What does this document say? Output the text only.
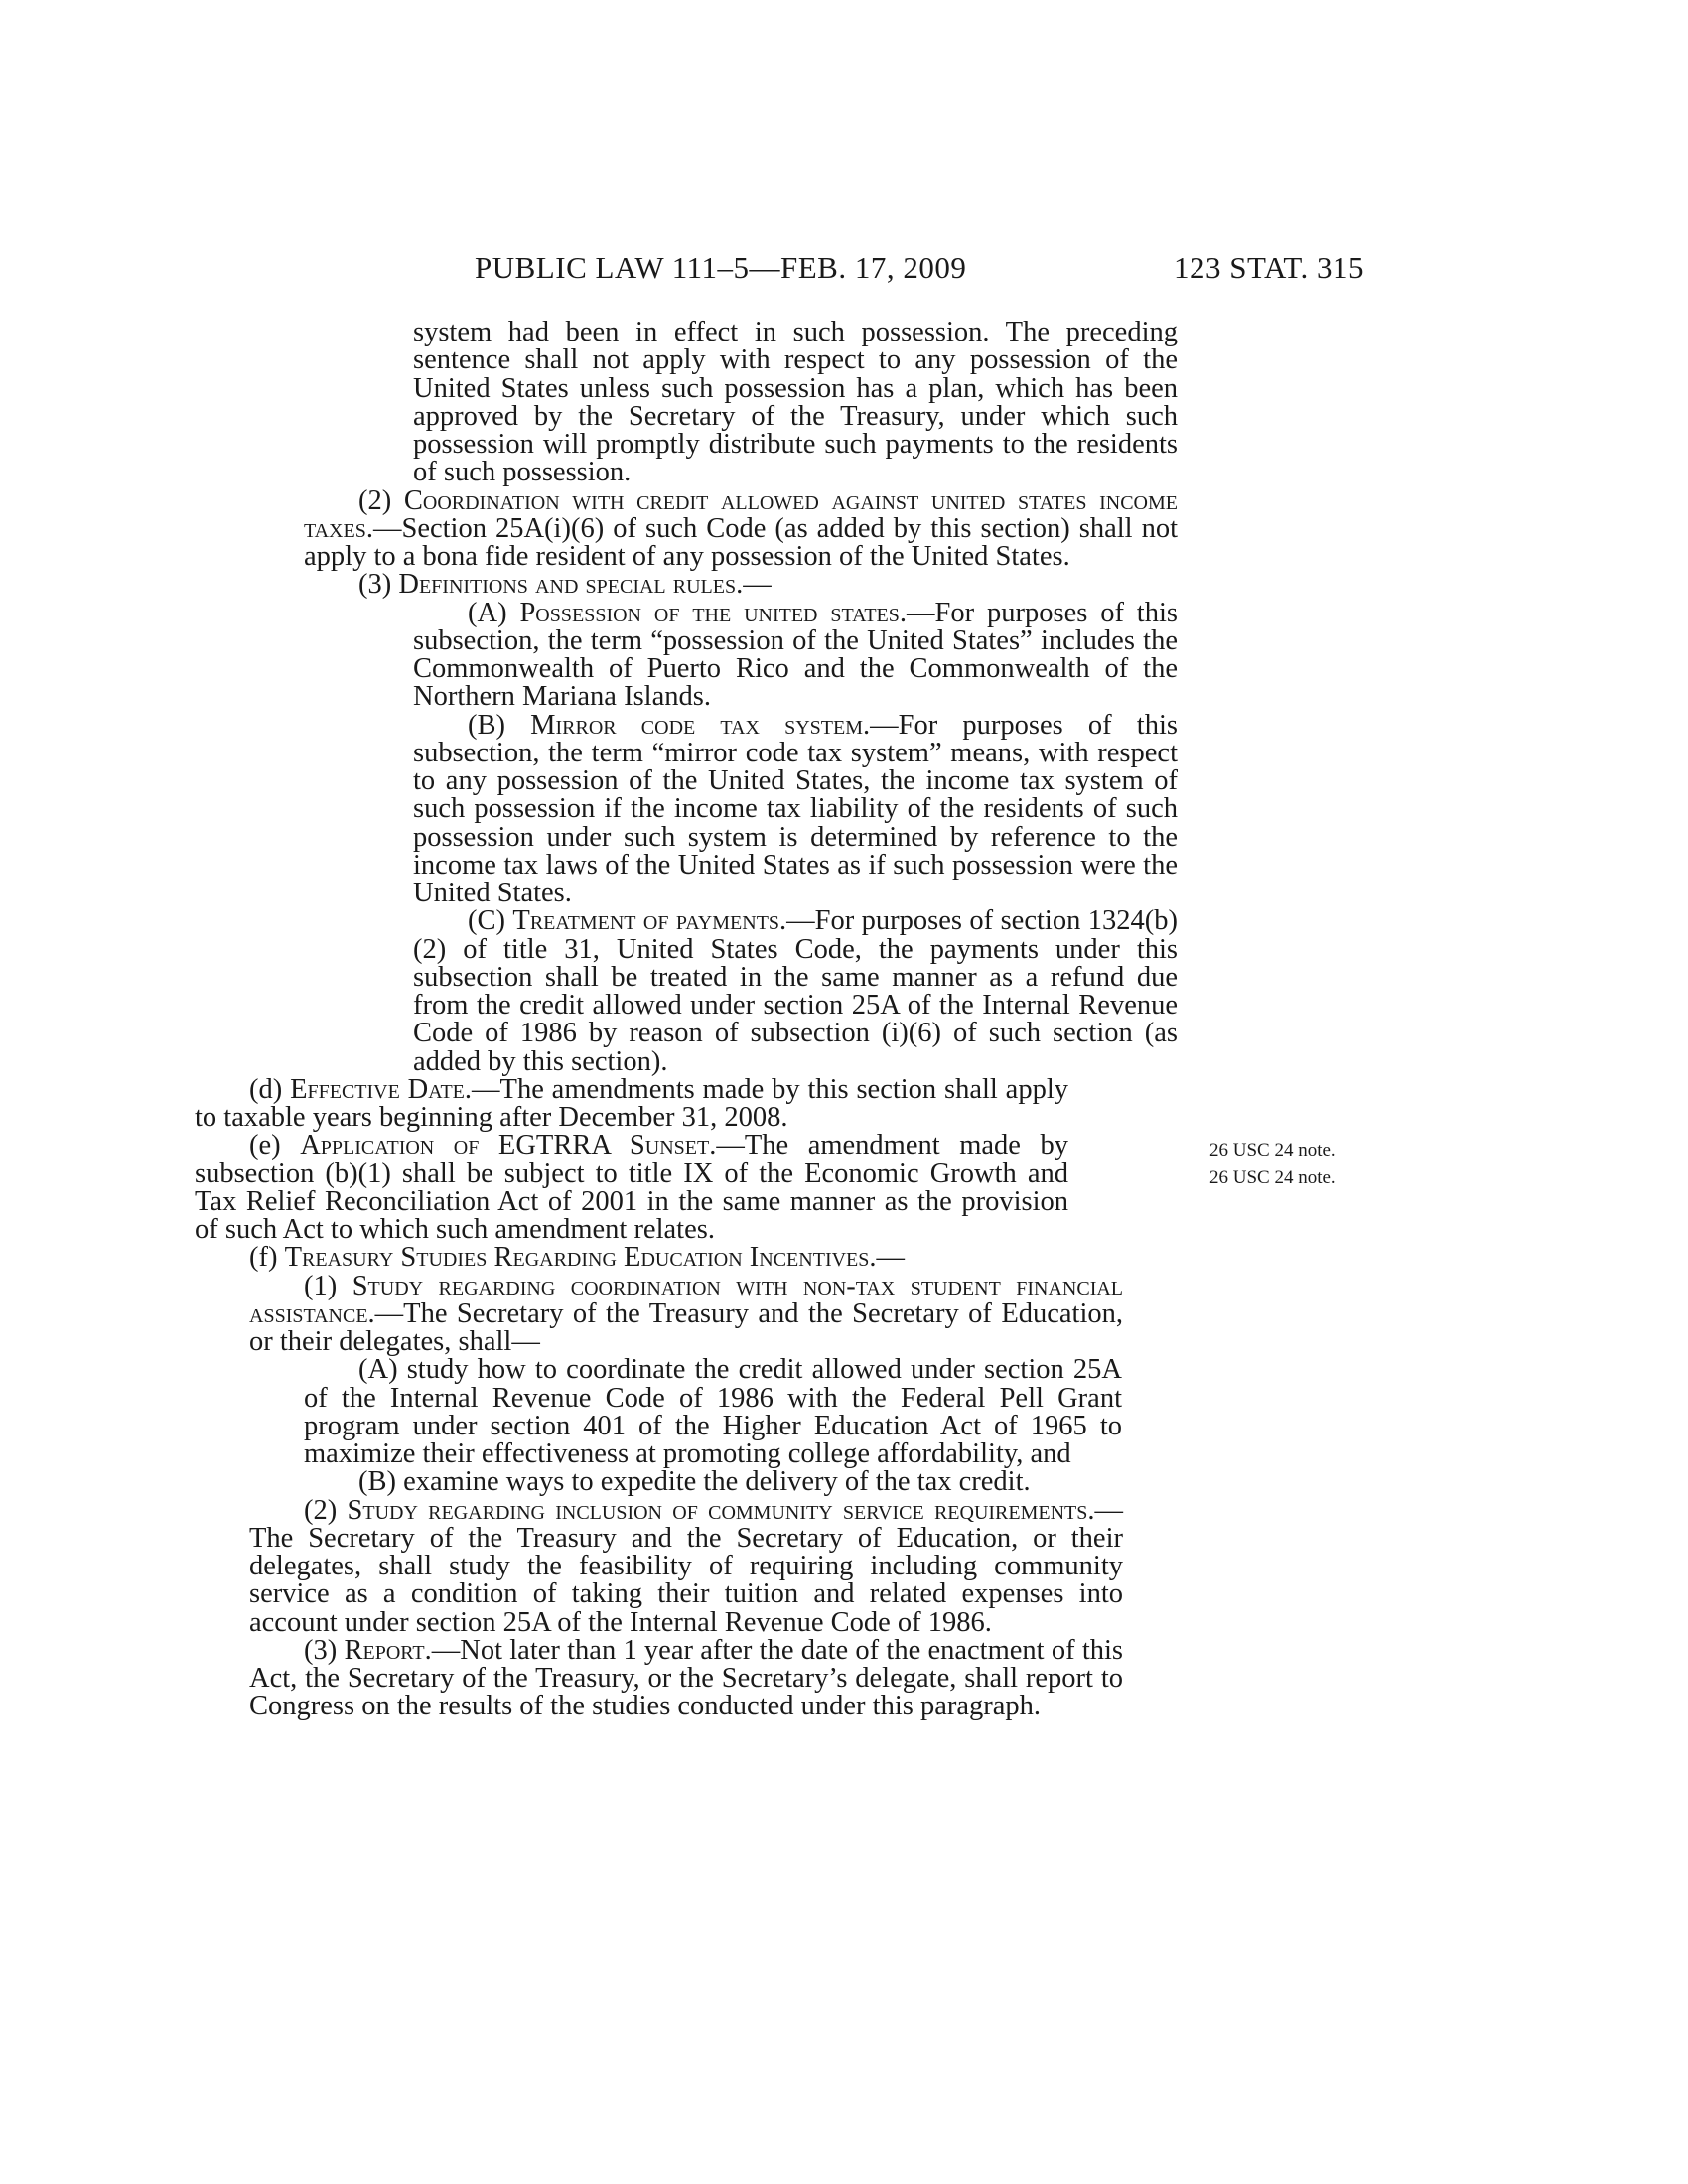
PUBLIC LAW 111–5—FEB. 17, 2009	123 STAT. 315

system had been in effect in such possession. The preceding sentence shall not apply with respect to any possession of the United States unless such possession has a plan, which has been approved by the Secretary of the Treasury, under which such possession will promptly distribute such payments to the residents of such possession.

(2) Coordination with credit allowed against united states income taxes.—Section 25A(i)(6) of such Code (as added by this section) shall not apply to a bona fide resident of any possession of the United States.

(3) Definitions and special rules.—

(A) Possession of the united states.—For purposes of this subsection, the term “possession of the United States” includes the Commonwealth of Puerto Rico and the Commonwealth of the Northern Mariana Islands.

(B) Mirror code tax system.—For purposes of this subsection, the term “mirror code tax system” means, with respect to any possession of the United States, the income tax system of such possession if the income tax liability of the residents of such possession under such system is determined by reference to the income tax laws of the United States as if such possession were the United States.

(C) Treatment of payments.—For purposes of section 1324(b)(2) of title 31, United States Code, the payments under this subsection shall be treated in the same manner as a refund due from the credit allowed under section 25A of the Internal Revenue Code of 1986 by reason of subsection (i)(6) of such section (as added by this section).

(d) Effective Date.—The amendments made by this section shall apply to taxable years beginning after December 31, 2008.

(e) Application of EGTRRA Sunset.—The amendment made by subsection (b)(1) shall be subject to title IX of the Economic Growth and Tax Relief Reconciliation Act of 2001 in the same manner as the provision of such Act to which such amendment relates.

(f) Treasury Studies Regarding Education Incentives.—

(1) Study regarding coordination with non-tax student financial assistance.—The Secretary of the Treasury and the Secretary of Education, or their delegates, shall—

(A) study how to coordinate the credit allowed under section 25A of the Internal Revenue Code of 1986 with the Federal Pell Grant program under section 401 of the Higher Education Act of 1965 to maximize their effectiveness at promoting college affordability, and

(B) examine ways to expedite the delivery of the tax credit.

(2) Study regarding inclusion of community service requirements.—The Secretary of the Treasury and the Secretary of Education, or their delegates, shall study the feasibility of requiring including community service as a condition of taking their tuition and related expenses into account under section 25A of the Internal Revenue Code of 1986.

(3) Report.—Not later than 1 year after the date of the enactment of this Act, the Secretary of the Treasury, or the Secretary’s delegate, shall report to Congress on the results of the studies conducted under this paragraph.

26 USC 24 note.
26 USC 24 note.
